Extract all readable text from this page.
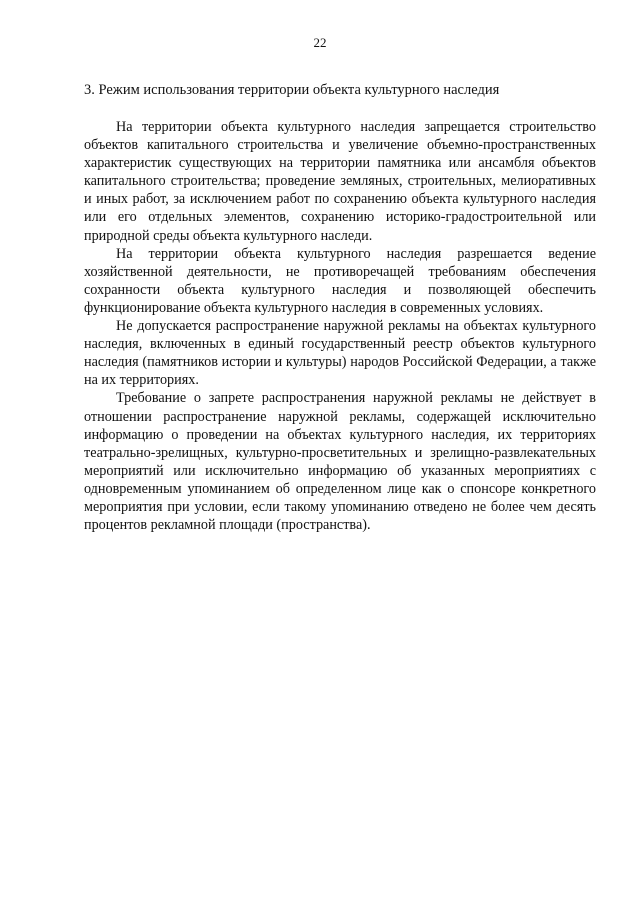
22
3. Режим использования территории объекта культурного наследия

На территории объекта культурного наследия запрещается строительство объектов капитального строительства и увеличение объемно-пространственных характеристик существующих на территории памятника или ансамбля объектов капитального строительства; проведение земляных, строительных, мелиоративных и иных работ, за исключением работ по сохранению объекта культурного наследия или его отдельных элементов, сохранению историко-градостроительной или природной среды объекта культурного наследи.

На территории объекта культурного наследия разрешается ведение хозяйственной деятельности, не противоречащей требованиям обеспечения сохранности объекта культурного наследия и позволяющей обеспечить функционирование объекта культурного наследия в современных условиях.

Не допускается распространение наружной рекламы на объектах культурного наследия, включенных в единый государственный реестр объектов культурного наследия (памятников истории и культуры) народов Российской Федерации, а также на их территориях.

Требование о запрете распространения наружной рекламы не действует в отношении распространение наружной рекламы, содержащей исключительно информацию о проведении на объектах культурного наследия, их территориях театрально-зрелищных, культурно-просветительных и зрелищно-развлекательных мероприятий или исключительно информацию об указанных мероприятиях с одновременным упоминанием об определенном лице как о спонсоре конкретного мероприятия при условии, если такому упоминанию отведено не более чем десять процентов рекламной площади (пространства).
